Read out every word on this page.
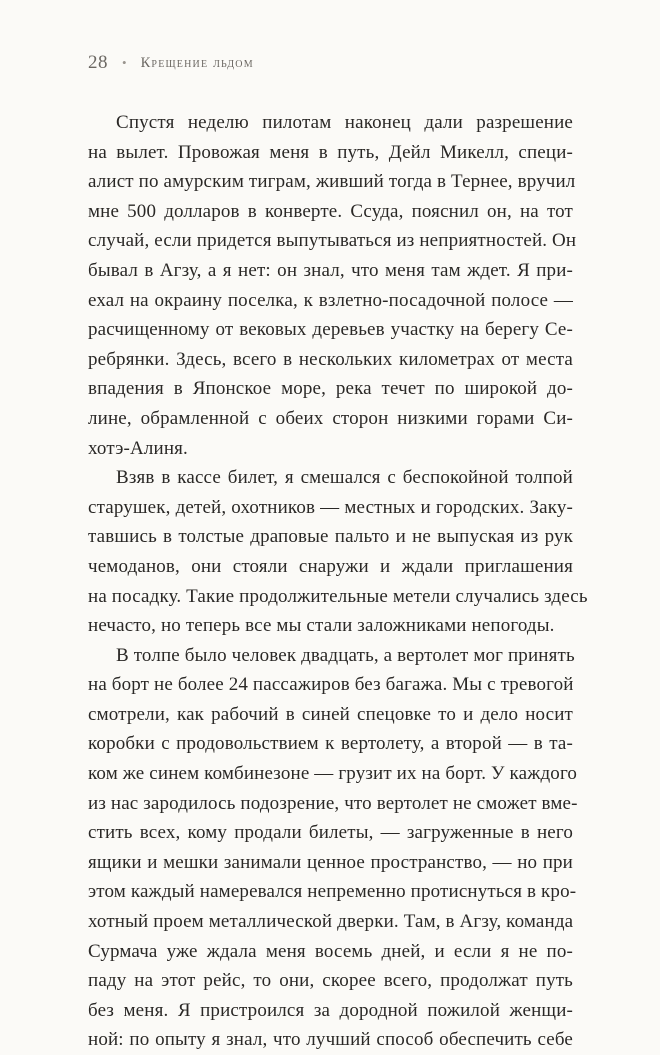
28 • Крещение льдом
Спустя неделю пилотам наконец дали разрешение
на вылет. Провожая меня в путь, Дейл Микелл, специ-
алист по амурским тиграм, живший тогда в Тернее, вручил
мне 500 долларов в конверте. Ссуда, пояснил он, на тот
случай, если придется выпутываться из неприятностей. Он
бывал в Агзу, а я нет: он знал, что меня там ждет. Я при-
ехал на окраину поселка, к взлетно-посадочной полосе —
расчищенному от вековых деревьев участку на берегу Се-
ребрянки. Здесь, всего в нескольких километрах от места
впадения в Японское море, река течет по широкой до-
лине, обрамленной с обеих сторон низкими горами Си-
хотэ-Алиня.
Взяв в кассе билет, я смешался с беспокойной толпой
старушек, детей, охотников — местных и городских. Заку-
тавшись в толстые драповые пальто и не выпуская из рук
чемоданов, они стояли снаружи и ждали приглашения
на посадку. Такие продолжительные метели случались здесь
нечасто, но теперь все мы стали заложниками непогоды.
В толпе было человек двадцать, а вертолет мог принять
на борт не более 24 пассажиров без багажа. Мы с тревогой
смотрели, как рабочий в синей спецовке то и дело носит
коробки с продовольствием к вертолету, а второй — в та-
ком же синем комбинезоне — грузит их на борт. У каждого
из нас зародилось подозрение, что вертолет не сможет вме-
стить всех, кому продали билеты, — загруженные в него
ящики и мешки занимали ценное пространство, — но при
этом каждый намеревался непременно протиснуться в кро-
хотный проем металлической дверки. Там, в Агзу, команда
Сурмача уже ждала меня восемь дней, и если я не по-
паду на этот рейс, то они, скорее всего, продолжат путь
без меня. Я пристроился за дородной пожилой женщи-
ной: по опыту я знал, что лучший способ обеспечить себе
